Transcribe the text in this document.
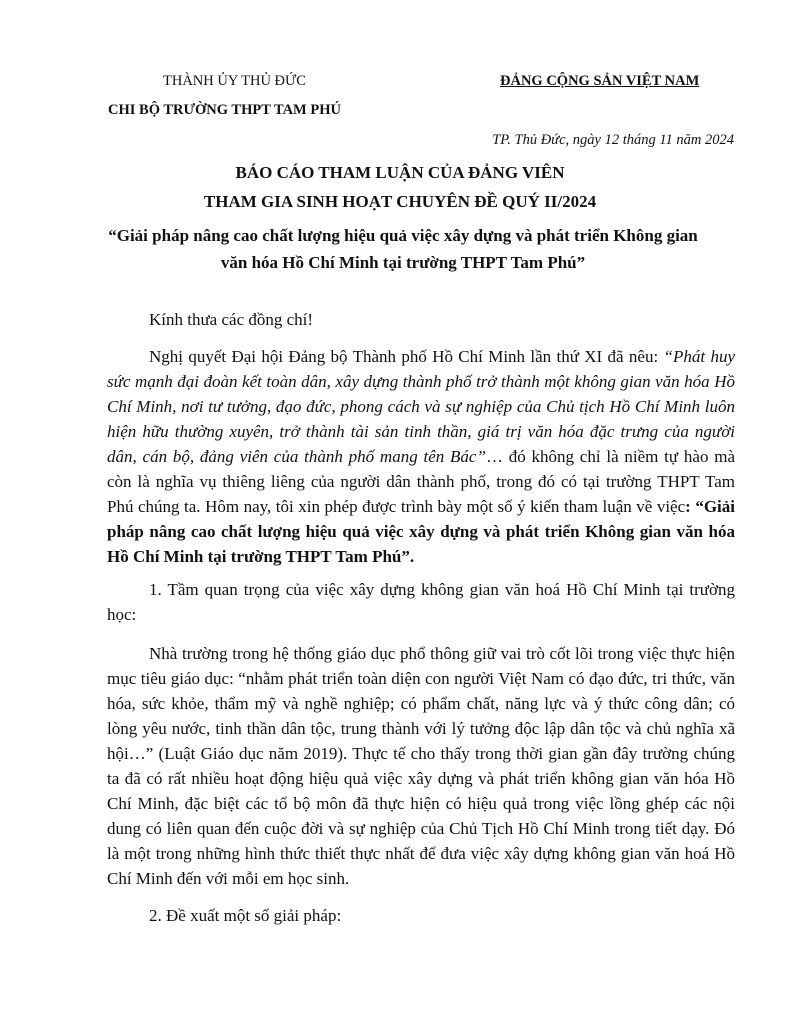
THÀNH ỦY THỦ ĐỨC
CHI BỘ TRƯỜNG THPT TAM PHÚ
ĐẢNG CỘNG SẢN VIỆT NAM
TP. Thủ Đức, ngày 12 tháng 11 năm 2024
BÁO CÁO THAM LUẬN CỦA ĐẢNG VIÊN
THAM GIA SINH HOẠT CHUYÊN ĐỀ QUÝ II/2024
“Giải pháp nâng cao chất lượng hiệu quả việc xây dựng và phát triển Không gian văn hóa Hồ Chí Minh tại trường THPT Tam Phú”

Kính thưa các đồng chí!

Nghị quyết Đại hội Đảng bộ Thành phố Hồ Chí Minh lần thứ XI đã nêu: “Phát huy sức mạnh đại đoàn kết toàn dân, xây dựng thành phố trở thành một không gian văn hóa Hồ Chí Minh, nơi tư tưởng, đạo đức, phong cách và sự nghiệp của Chủ tịch Hồ Chí Minh luôn hiện hữu thường xuyên, trở thành tài sản tinh thần, giá trị văn hóa đặc trưng của người dân, cán bộ, đảng viên của thành phố mang tên Bác”… đó không chỉ là niềm tự hào mà còn là nghĩa vụ thiêng liêng của người dân thành phố, trong đó có tại trường THPT Tam Phú chúng ta. Hôm nay, tôi xin phép được trình bày một số ý kiến tham luận về việc: “Giải pháp nâng cao chất lượng hiệu quả việc xây dựng và phát triển Không gian văn hóa Hồ Chí Minh tại trường THPT Tam Phú”.

1. Tầm quan trọng của việc xây dựng không gian văn hoá Hồ Chí Minh tại trường học:

Nhà trường trong hệ thống giáo dục phổ thông giữ vai trò cốt lõi trong việc thực hiện mục tiêu giáo dục: “nhằm phát triển toàn diện con người Việt Nam có đạo đức, tri thức, văn hóa, sức khỏe, thẩm mỹ và nghề nghiệp; có phẩm chất, năng lực và ý thức công dân; có lòng yêu nước, tinh thần dân tộc, trung thành với lý tưởng độc lập dân tộc và chủ nghĩa xã hội…” (Luật Giáo dục năm 2019). Thực tế cho thấy trong thời gian gần đây trường chúng ta đã có rất nhiều hoạt động hiệu quả việc xây dựng và phát triển không gian văn hóa Hồ Chí Minh, đặc biệt các tổ bộ môn đã thực hiện có hiệu quả trong việc lồng ghép các nội dung có liên quan đến cuộc đời và sự nghiệp của Chủ Tịch Hồ Chí Minh trong tiết dạy. Đó là một trong những hình thức thiết thực nhất để đưa việc xây dựng không gian văn hoá Hồ Chí Minh đến với mỗi em học sinh.

2. Đề xuất một số giải pháp:
